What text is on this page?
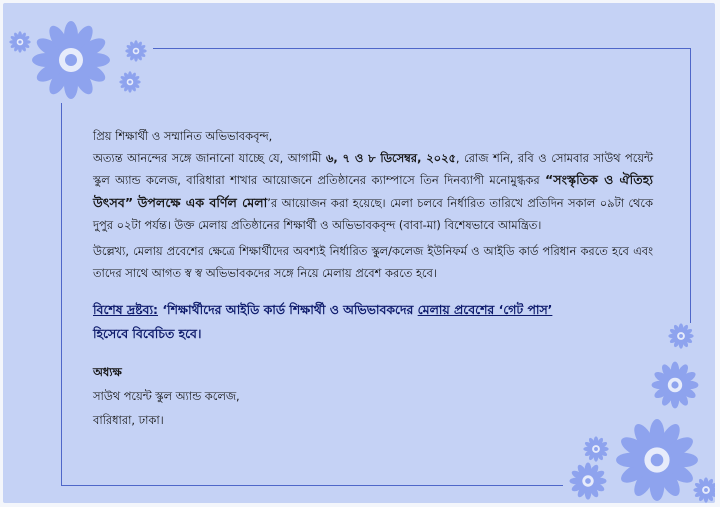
প্রিয় শিক্ষার্থী ও সম্মানিত অভিভাবকবৃন্দ,

অত্যন্ত আনন্দের সঙ্গে জানানো যাচ্ছে যে, আগামী ৬, ৭ ও ৮ ডিসেম্বর, ২০২৫, রোজ শনি, রবি ও সোমবার সাউথ পয়েন্ট স্কুল অ্যান্ড কলেজ, বারিধারা শাখার আয়োজনে প্রতিষ্ঠানের ক্যাম্পাসে তিন দিনব্যাপী মনোমুগ্ধকর “সংস্কৃতিক ও ঐতিহ্য উৎসব” উপলক্ষে এক বর্ণিল মেলা’র আয়োজন করা হয়েছে। মেলা চলবে নির্ধারিত তারিখে প্রতিদিন সকাল ০৯টা থেকে দুপুর ০২টা পর্যন্ত। উক্ত মেলায় প্রতিষ্ঠানের শিক্ষার্থী ও অভিভাবকবৃন্দ (বাবা-মা) বিশেষভাবে আমন্ত্রিত।

উল্লেখ্য, মেলায় প্রবেশের ক্ষেত্রে শিক্ষার্থীদের অবশ্যই নির্ধারিত স্কুল/কলেজ ইউনিফর্ম ও আইডি কার্ড পরিধান করতে হবে এবং তাদের সাথে আগত স্ব স্ব অভিভাবকদের সঙ্গে নিয়ে মেলায় প্রবেশ করতে হবে।

বিশেষ দ্রষ্টব্য: ‘শিক্ষার্থীদের আইডি কার্ড শিক্ষার্থী ও অভিভাবকদের মেলায় প্রবেশের ‘গেট পাস’
হিসেবে বিবেচিত হবে।

অধ্যক্ষ

সাউথ পয়েন্ট স্কুল অ্যান্ড কলেজ,

বারিধারা, ঢাকা।
